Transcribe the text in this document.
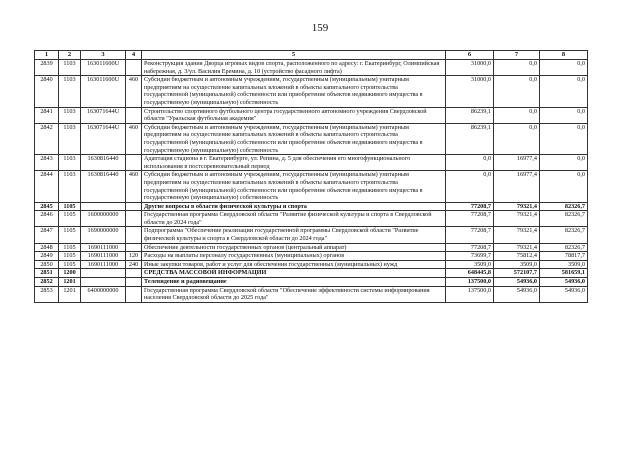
159
1	2	3	4	5	6	7	8
2839	1103	163011600U		Реконструкция здания Дворца игровых видов спорта, расположенного по адресу: г. Екатеринбург, Олимпийская набережная, д. 3/ул. Василия Еремина, д. 10 (устройство фасадного лифта)	31000,0	0,0	0,0
2840	1103	163011600U	460	Субсидии бюджетным и автономным учреждениям, государственным (муниципальным) унитарным предприятиям на осуществление капитальных вложений в объекты капитального строительства государственной (муниципальной) собственности или приобретение объектов недвижимого имущества в государственную (муниципальную) собственность	31000,0	0,0	0,0
2841	1103	163071644U		Строительство спортивного футбольного центра государственного автономного учреждения Свердловской области "Уральская футбольная академия"	86239,1	0,0	0,0
2842	1103	163071644U	460	Субсидии бюджетным и автономным учреждениям, государственным (муниципальным) унитарным предприятиям на осуществление капитальных вложений в объекты капитального строительства государственной (муниципальной) собственности или приобретение объектов недвижимого имущества в государственную (муниципальную) собственность	86239,1	0,0	0,0
2843	1103	1630816440		Адаптация стадиона в г. Екатеринбурге, ул. Репина, д. 5 для обеспечения его многофункционального использования в постсоревновательный период	0,0	16977,4	0,0
2844	1103	1630816440	460	Субсидии бюджетным и автономным учреждениям, государственным (муниципальным) унитарным предприятиям на осуществление капитальных вложений в объекты капитального строительства государственной (муниципальной) собственности или приобретение объектов недвижимого имущества в государственную (муниципальную) собственность	0,0	16977,4	0,0
2845	1105			Другие вопросы в области физической культуры и спорта	77208,7	79321,4	82326,7
2846	1105	1600000000		Государственная программа Свердловской области "Развитие физической культуры и спорта в Свердловской области до 2024 года"	77208,7	79321,4	82326,7
2847	1105	1690000000		Подпрограмма "Обеспечение реализации государственной программы Свердловской области "Развитие физической культуры и спорта в Свердловской области до 2024 года"	77208,7	79321,4	82326,7
2848	1105	1690111000		Обеспечение деятельности государственных органов (центральный аппарат)	77208,7	79321,4	82326,7
2849	1105	1690111000	120	Расходы на выплаты персоналу государственных (муниципальных) органов	73699,7	75812,4	78817,7
2850	1105	1690111000	240	Иные закупки товаров, работ и услуг для обеспечения государственных (муниципальных) нужд	3509,0	3509,0	3509,0
2851	1200			СРЕДСТВА МАССОВОЙ ИНФОРМАЦИИ	648445,8	572107,7	581659,1
2852	1201			Телевидение и радиовещание	137500,0	54936,0	54936,0
2853	1201	6400000000		Государственная программа Свердловской области "Обеспечение эффективности системы информирования населения Свердловской области до 2025 года"	137500,0	54936,0	54936,0
